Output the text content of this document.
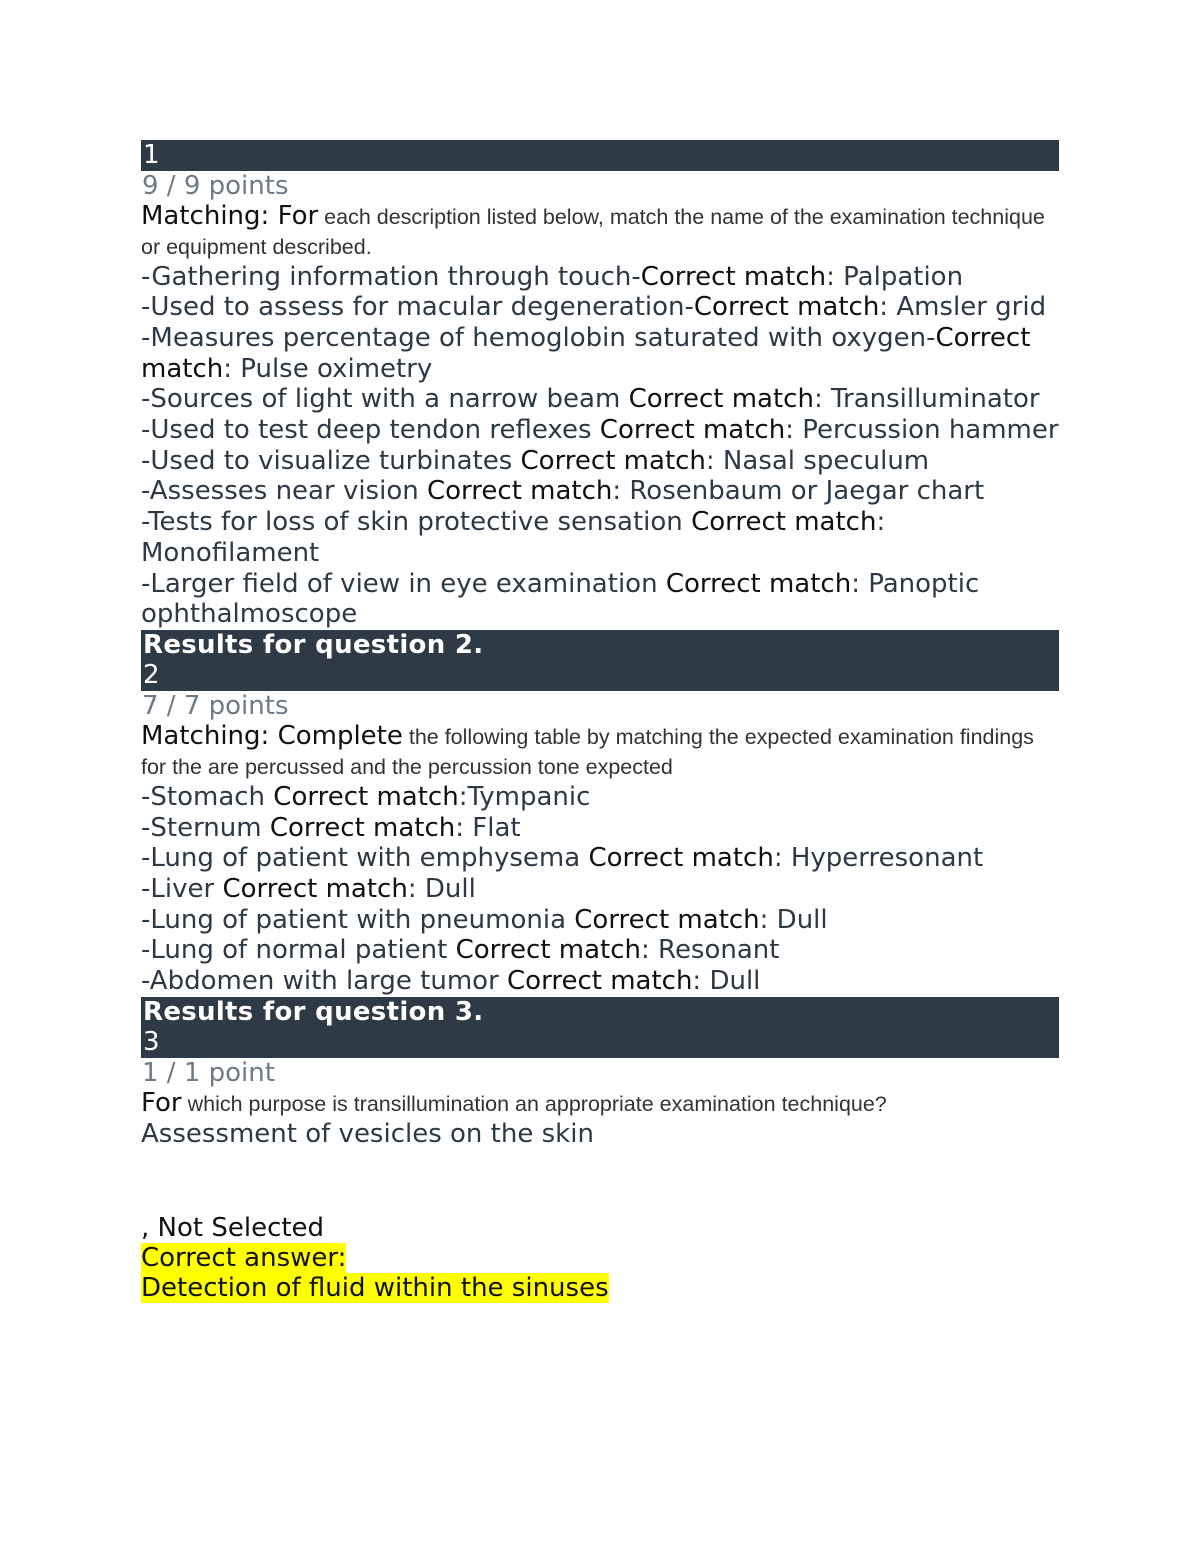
1
9 / 9 points
Matching: For each description listed below, match the name of the examination technique or equipment described.
-Gathering information through touch-Correct match: Palpation
-Used to assess for macular degeneration-Correct match: Amsler grid
-Measures percentage of hemoglobin saturated with oxygen-Correct match: Pulse oximetry
-Sources of light with a narrow beam Correct match: Transilluminator
-Used to test deep tendon reflexes Correct match: Percussion hammer
-Used to visualize turbinates Correct match: Nasal speculum
-Assesses near vision Correct match: Rosenbaum or Jaegar chart
-Tests for loss of skin protective sensation Correct match: Monofilament
-Larger field of view in eye examination Correct match: Panoptic ophthalmoscope
Results for question 2.
2
7 / 7 points
Matching: Complete the following table by matching the expected examination findings for the are percussed and the percussion tone expected
-Stomach Correct match:Tympanic
-Sternum Correct match: Flat
-Lung of patient with emphysema Correct match: Hyperresonant
-Liver Correct match: Dull
-Lung of patient with pneumonia Correct match: Dull
-Lung of normal patient Correct match: Resonant
-Abdomen with large tumor Correct match: Dull
Results for question 3.
3
1 / 1 point
For which purpose is transillumination an appropriate examination technique?
Assessment of vesicles on the skin
, Not Selected
Correct answer:
Detection of fluid within the sinuses
